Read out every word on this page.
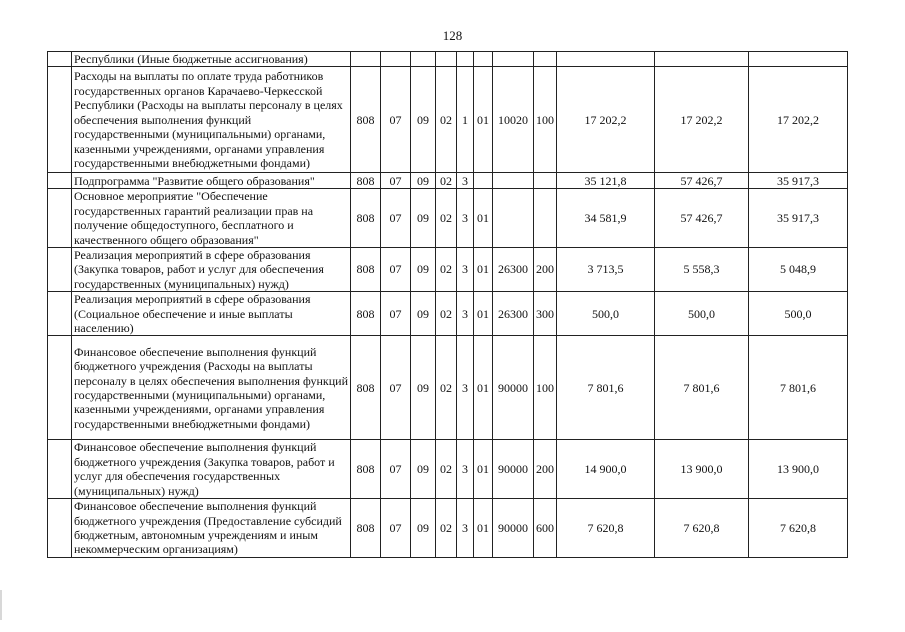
128
	Республики (Иные бюджетные ассигнования)											
	Расходы на выплаты по оплате труда работников государственных органов Карачаево-Черкесской Республики (Расходы на выплаты персоналу в целях обеспечения выполнения функций государственными (муниципальными) органами, казенными учреждениями, органами управления государственными внебюджетными фондами)	808	07	09	02	1	01	10020	100	17 202,2	17 202,2	17 202,2
	Подпрограмма "Развитие общего образования"	808	07	09	02	3				35 121,8	57 426,7	35 917,3
	Основное мероприятие "Обеспечение государственных гарантий реализации прав на получение общедоступного, бесплатного и качественного общего образования"	808	07	09	02	3	01			34 581,9	57 426,7	35 917,3
	Реализация мероприятий в сфере образования (Закупка товаров, работ и услуг для обеспечения государственных (муниципальных) нужд)	808	07	09	02	3	01	26300	200	3 713,5	5 558,3	5 048,9
	Реализация мероприятий в сфере образования (Социальное обеспечение и иные выплаты населению)	808	07	09	02	3	01	26300	300	500,0	500,0	500,0
	Финансовое обеспечение выполнения функций бюджетного учреждения (Расходы на выплаты персоналу в целях обеспечения выполнения функций государственными (муниципальными) органами, казенными учреждениями, органами управления государственными внебюджетными фондами)	808	07	09	02	3	01	90000	100	7 801,6	7 801,6	7 801,6
	Финансовое обеспечение выполнения функций бюджетного учреждения (Закупка товаров, работ и услуг для обеспечения государственных (муниципальных) нужд)	808	07	09	02	3	01	90000	200	14 900,0	13 900,0	13 900,0
	Финансовое обеспечение выполнения функций бюджетного учреждения (Предоставление субсидий бюджетным, автономным учреждениям и иным некоммерческим организациям)	808	07	09	02	3	01	90000	600	7 620,8	7 620,8	7 620,8
